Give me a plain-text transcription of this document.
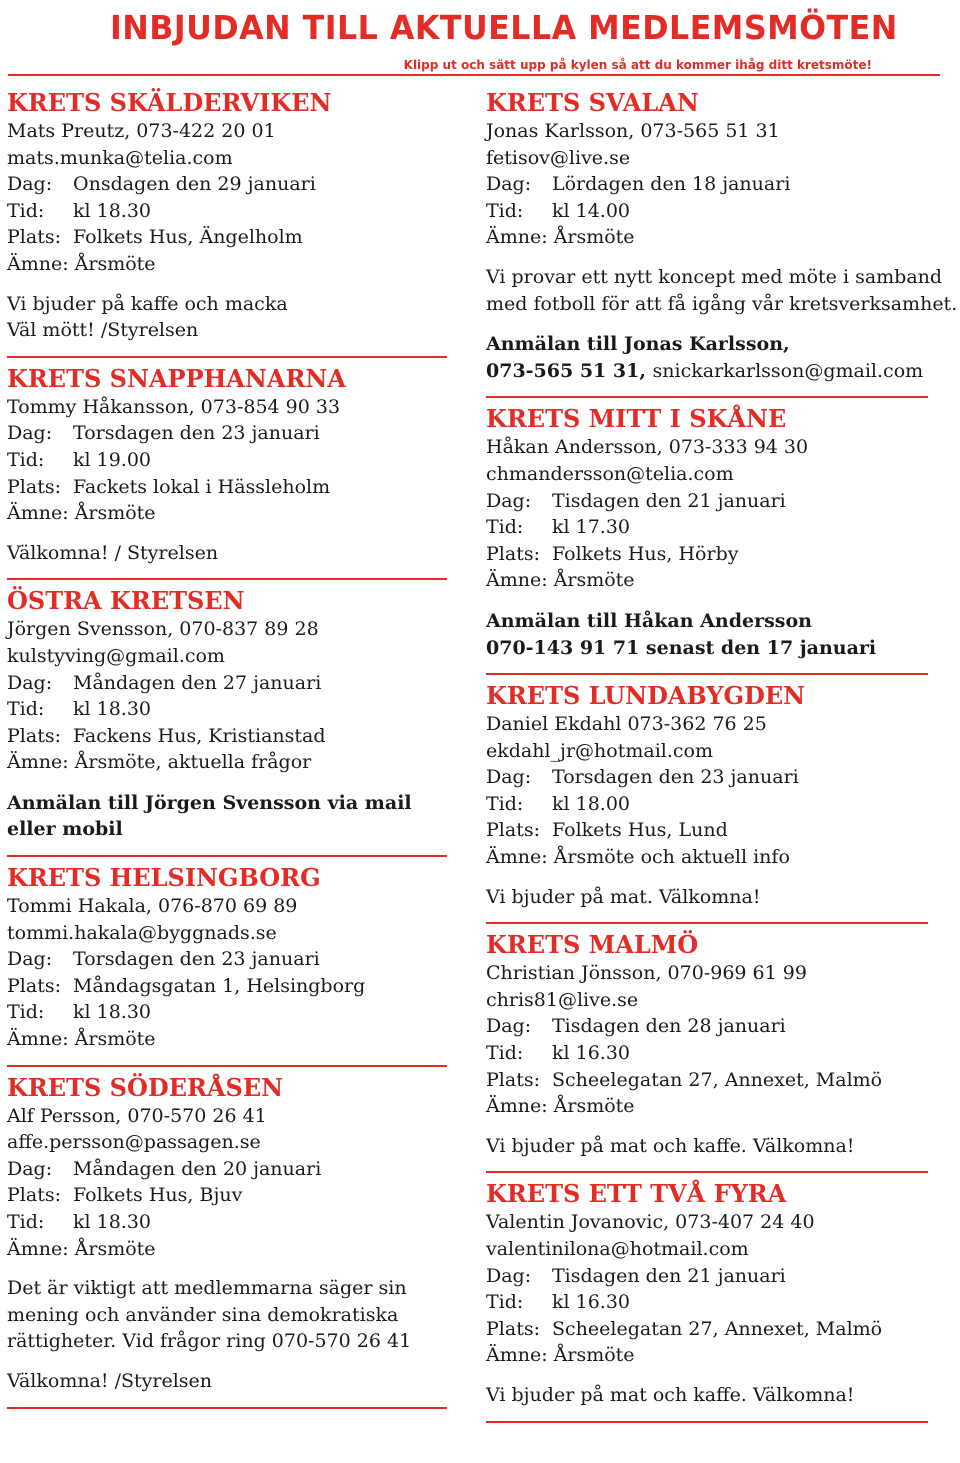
INBJUDAN TILL AKTUELLA MEDLEMSMÖTEN
Klipp ut och sätt upp på kylen så att du kommer ihåg ditt kretsmöte!
KRETS SKÄLDERVIKEN
Mats Preutz, 073-422 20 01
mats.munka@telia.com
Dag: Onsdagen den 29 januari
Tid: kl 18.30
Plats: Folkets Hus, Ängelholm
Ämne: Årsmöte
Vi bjuder på kaffe och macka
Väl mött! /Styrelsen
KRETS SNAPPHANARNA
Tommy Håkansson, 073-854 90 33
Dag: Torsdagen den 23 januari
Tid: kl 19.00
Plats: Fackets lokal i Hässleholm
Ämne: Årsmöte
Välkomna! / Styrelsen
ÖSTRA KRETSEN
Jörgen Svensson, 070-837 89 28
kulstyving@gmail.com
Dag: Måndagen den 27 januari
Tid: kl 18.30
Plats: Fackens Hus, Kristianstad
Ämne: Årsmöte, aktuella frågor
Anmälan till Jörgen Svensson via mail
eller mobil
KRETS HELSINGBORG
Tommi Hakala, 076-870 69 89
tommi.hakala@byggnads.se
Dag: Torsdagen den 23 januari
Plats: Måndagsgatan 1, Helsingborg
Tid: kl 18.30
Ämne: Årsmöte
KRETS SÖDERÅSEN
Alf Persson, 070-570 26 41
affe.persson@passagen.se
Dag: Måndagen den 20 januari
Plats: Folkets Hus, Bjuv
Tid: kl 18.30
Ämne: Årsmöte
Det är viktigt att medlemmarna säger sin
mening och använder sina demokratiska
rättigheter. Vid frågor ring 070-570 26 41
Välkomna! /Styrelsen
KRETS SVALAN
Jonas Karlsson, 073-565 51 31
fetisov@live.se
Dag: Lördagen den 18 januari
Tid: kl 14.00
Ämne: Årsmöte
Vi provar ett nytt koncept med möte i samband
med fotboll för att få igång vår kretsverksamhet.
Anmälan till Jonas Karlsson,
073-565 51 31, snickarkarlsson@gmail.com
KRETS MITT I SKÅNE
Håkan Andersson, 073-333 94 30
chmandersson@telia.com
Dag: Tisdagen den 21 januari
Tid: kl 17.30
Plats: Folkets Hus, Hörby
Ämne: Årsmöte
Anmälan till Håkan Andersson
070-143 91 71 senast den 17 januari
KRETS LUNDABYGDEN
Daniel Ekdahl 073-362 76 25
ekdahl_jr@hotmail.com
Dag: Torsdagen den 23 januari
Tid: kl 18.00
Plats: Folkets Hus, Lund
Ämne: Årsmöte och aktuell info
Vi bjuder på mat. Välkomna!
KRETS MALMÖ
Christian Jönsson, 070-969 61 99
chris81@live.se
Dag: Tisdagen den 28 januari
Tid: kl 16.30
Plats: Scheelegatan 27, Annexet, Malmö
Ämne: Årsmöte
Vi bjuder på mat och kaffe. Välkomna!
KRETS ETT TVÅ FYRA
Valentin Jovanovic, 073-407 24 40
valentinilona@hotmail.com
Dag: Tisdagen den 21 januari
Tid: kl 16.30
Plats: Scheelegatan 27, Annexet, Malmö
Ämne: Årsmöte
Vi bjuder på mat och kaffe. Välkomna!
